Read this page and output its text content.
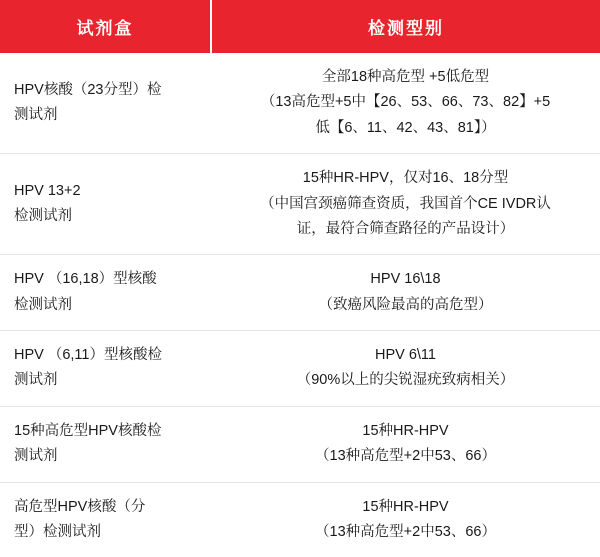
试剂盒	检测型别

HPV核酸（23分型）检
测试剂	全部18种高危型 +5低危型
（13高危型+5中【26、53、66、73、82】+5
低【6、11、42、43、81】）

HPV 13+2
检测试剂	15种HR-HPV，仅对16、18分型
（中国宫颈癌筛查资质，我国首个CE IVDR认
证，最符合筛查路径的产品设计）

HPV （16,18）型核酸
检测试剂	HPV 16\18
（致癌风险最高的高危型）

HPV （6,11）型核酸检
测试剂	HPV 6\11
（90%以上的尖锐湿疣致病相关）

15种高危型HPV核酸检
测试剂	15种HR-HPV
（13种高危型+2中53、66）

高危型HPV核酸（分
型）检测试剂	15种HR-HPV
（13种高危型+2中53、66）
